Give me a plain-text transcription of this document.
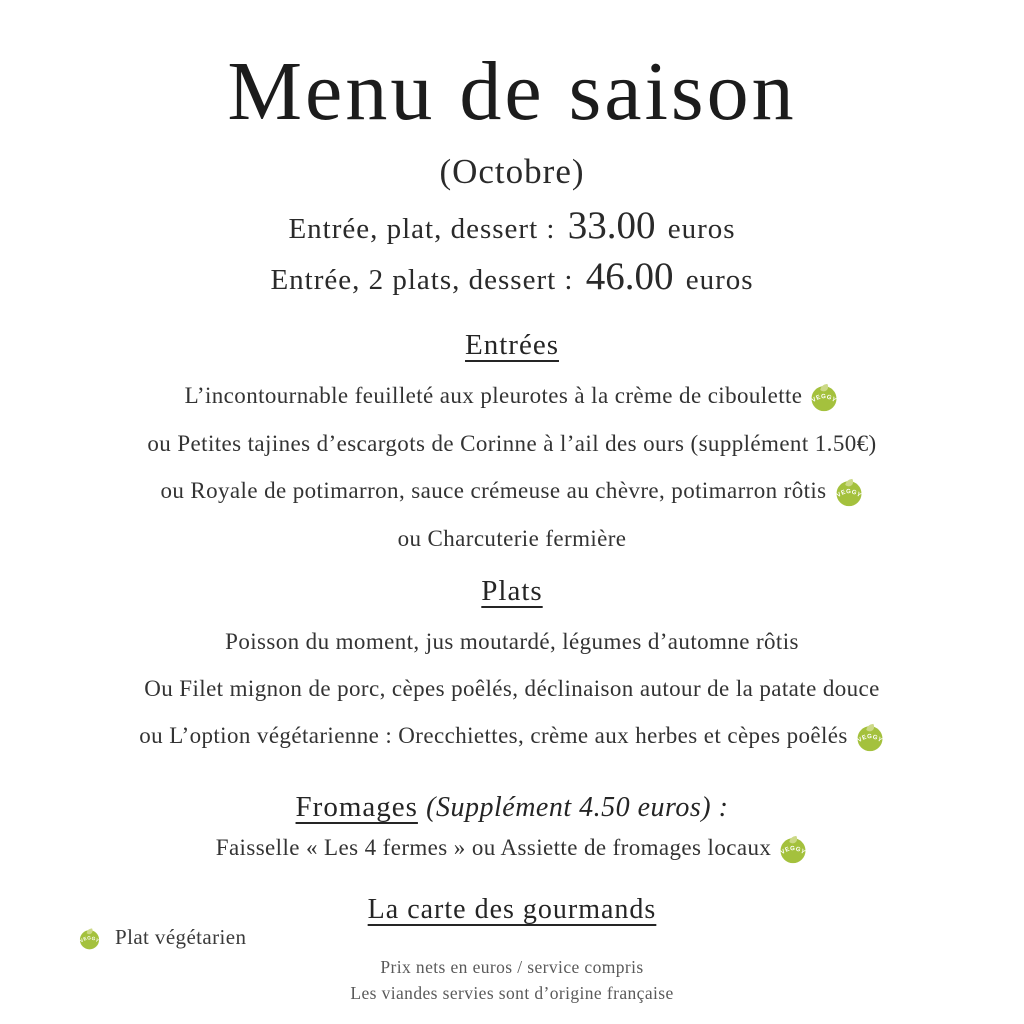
Menu de saison
(Octobre)
Entrée, plat, dessert : 33.00 euros
Entrée, 2 plats, dessert : 46.00 euros
Entrées
L’incontournable feuilleté aux pleurotes à la crème de ciboulette VEGGY
ou Petites tajines d’escargots de Corinne à l’ail des ours (supplément 1.50€)
ou Royale de potimarron, sauce crémeuse au chèvre, potimarron rôtis VEGGY
ou Charcuterie fermière
Plats
Poisson du moment, jus moutardé, légumes d’automne rôtis
Ou Filet mignon de porc, cèpes poêlés, déclinaison autour de la patate douce
ou L’option végétarienne : Orecchiettes, crème aux herbes et cèpes poêlés VEGGY
Fromages (Supplément 4.50 euros) :
Faisselle « Les 4 fermes » ou Assiette de fromages locaux VEGGY
La carte des gourmands
VEGGY Plat végétarien
Prix nets en euros / service compris
Les viandes servies sont d’origine française
